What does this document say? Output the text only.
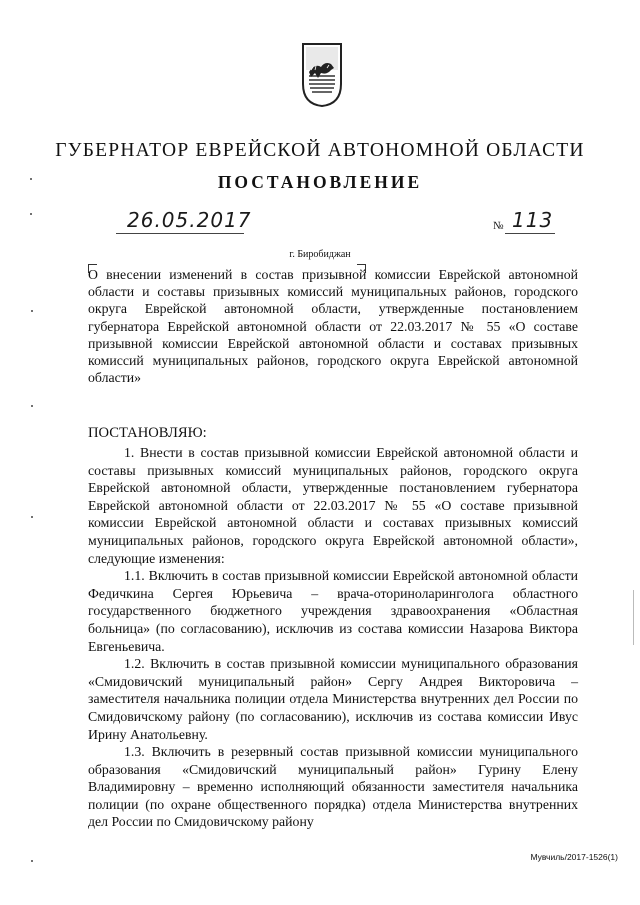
ГУБЕРНАТОР ЕВРЕЙСКОЙ АВТОНОМНОЙ ОБЛАСТИ
ПОСТАНОВЛЕНИЕ
26.05.2017	№ 113
г. Биробиджан

О внесении изменений в состав призывной комиссии Еврейской автономной области и составы призывных комиссий муниципальных районов, городского округа Еврейской автономной области, утвержденные постановлением губернатора Еврейской автономной области от 22.03.2017 № 55 «О составе призывной комиссии Еврейской автономной области и составах призывных комиссий муниципальных районов, городского округа Еврейской автономной области»

ПОСТАНОВЛЯЮ:

1. Внести в состав призывной комиссии Еврейской автономной области и составы призывных комиссий муниципальных районов, городского округа Еврейской автономной области, утвержденные постановлением губернатора Еврейской автономной области от 22.03.2017 № 55 «О составе призывной комиссии Еврейской автономной области и составах призывных комиссий муниципальных районов, городского округа Еврейской автономной области», следующие изменения:

1.1. Включить в состав призывной комиссии Еврейской автономной области Федичкина Сергея Юрьевича – врача-оториноларинголога областного государственного бюджетного учреждения здравоохранения «Областная больница» (по согласованию), исключив из состава комиссии Назарова Виктора Евгеньевича.

1.2. Включить в состав призывной комиссии муниципального образования «Смидовичский муниципальный район» Сергу Андрея Викторовича – заместителя начальника полиции отдела Министерства внутренних дел России по Смидовичскому району (по согласованию), исключив из состава комиссии Ивус Ирину Анатольевну.

1.3. Включить в резервный состав призывной комиссии муниципального образования «Смидовичский муниципальный район» Гурину Елену Владимировну – временно исполняющий обязанности заместителя начальника полиции (по охране общественного порядка) отдела Министерства внутренних дел России по Смидовичскому району

Мувчиль/2017-1526(1)
